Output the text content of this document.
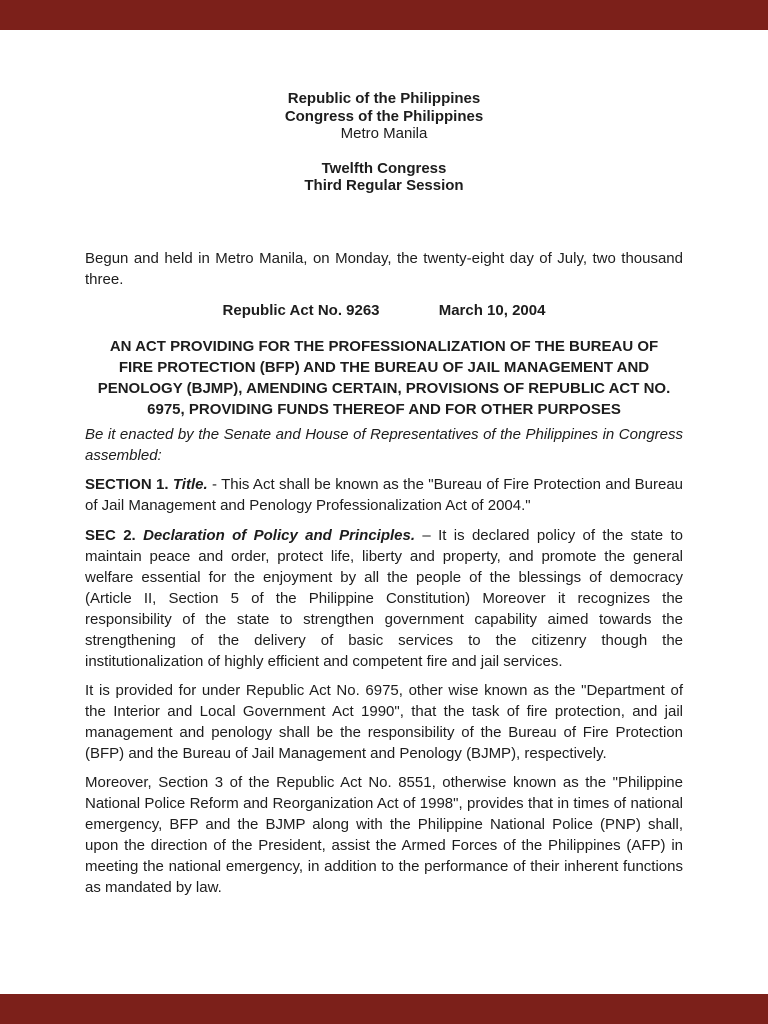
Republic of the Philippines
Congress of the Philippines
Metro Manila
Twelfth Congress
Third Regular Session

Begun and held in Metro Manila, on Monday, the twenty-eight day of July, two thousand three.

Republic Act No. 9263	March 10, 2004
AN ACT PROVIDING FOR THE PROFESSIONALIZATION OF THE BUREAU OF
FIRE PROTECTION (BFP) AND THE BUREAU OF JAIL MANAGEMENT AND
PENOLOGY (BJMP), AMENDING CERTAIN, PROVISIONS OF REPUBLIC ACT NO.
6975, PROVIDING FUNDS THEREOF AND FOR OTHER PURPOSES

Be it enacted by the Senate and House of Representatives of the Philippines in Congress assembled:

SECTION 1. Title. - This Act shall be known as the "Bureau of Fire Protection and Bureau of Jail Management and Penology Professionalization Act of 2004."

SEC 2. Declaration of Policy and Principles. – It is declared policy of the state to maintain peace and order, protect life, liberty and property, and promote the general welfare essential for the enjoyment by all the people of the blessings of democracy (Article II, Section 5 of the Philippine Constitution) Moreover it recognizes the responsibility of the state to strengthen government capability aimed towards the strengthening of the delivery of basic services to the citizenry though the institutionalization of highly efficient and competent fire and jail services.

It is provided for under Republic Act No. 6975, other wise known as the "Department of the Interior and Local Government Act 1990", that the task of fire protection, and jail management and penology shall be the responsibility of the Bureau of Fire Protection (BFP) and the Bureau of Jail Management and Penology (BJMP), respectively.

Moreover, Section 3 of the Republic Act No. 8551, otherwise known as the "Philippine National Police Reform and Reorganization Act of 1998", provides that in times of national emergency, BFP and the BJMP along with the Philippine National Police (PNP) shall, upon the direction of the President, assist the Armed Forces of the Philippines (AFP) in meeting the national emergency, in addition to the performance of their inherent functions as mandated by law.
